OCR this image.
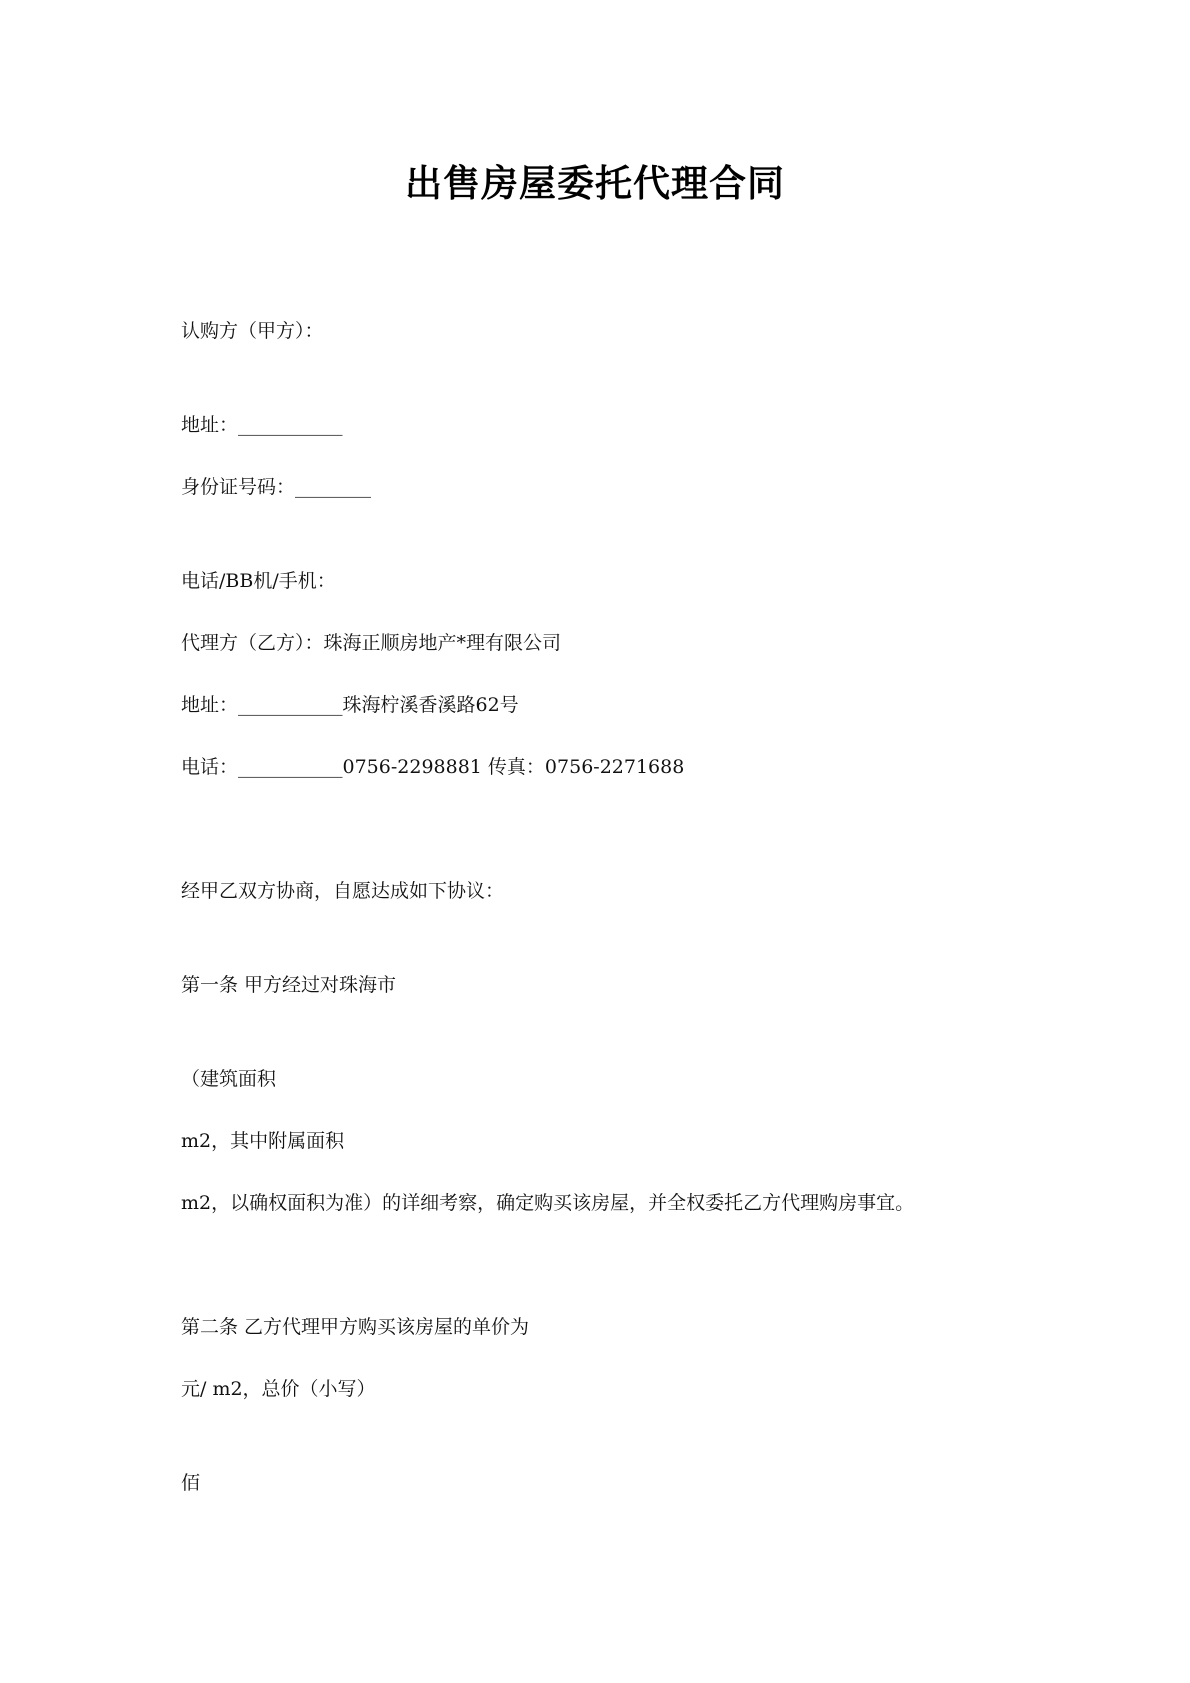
出售房屋委托代理合同
认购方（甲方）：
地址：___________
身份证号码：________
电话/BB机/手机：
代理方（乙方）：珠海正顺房地产*理有限公司
地址：___________珠海柠溪香溪路62号
电话：___________0756-2298881 传真：0756-2271688
经甲乙双方协商，自愿达成如下协议：
第一条 甲方经过对珠海市
（建筑面积
m2，其中附属面积
m2，以确权面积为准）的详细考察，确定购买该房屋，并全权委托乙方代理购房事宜。
第二条 乙方代理甲方购买该房屋的单价为
元/ m2，总价（小写）
佰
